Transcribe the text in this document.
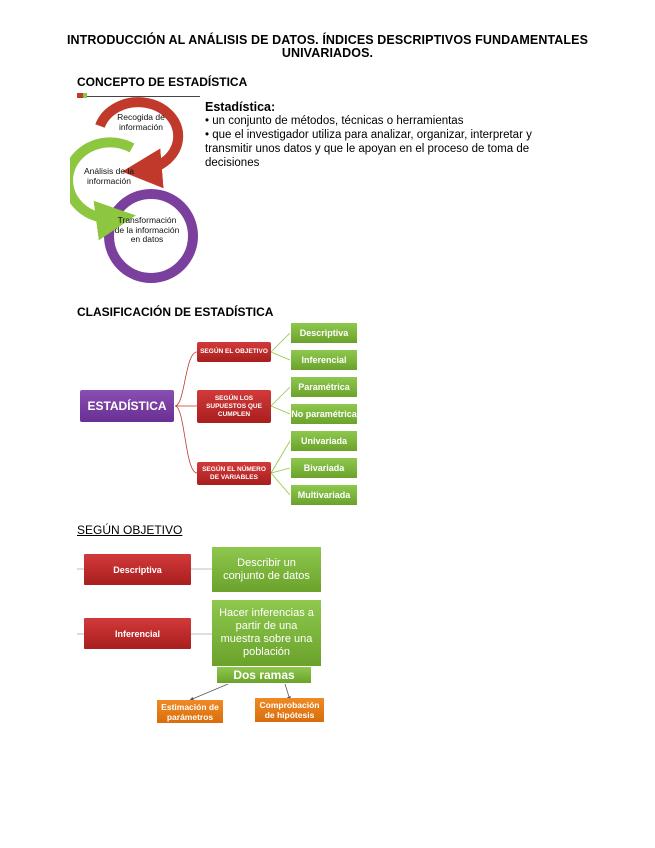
INTRODUCCIÓN AL ANÁLISIS DE DATOS. ÍNDICES DESCRIPTIVOS FUNDAMENTALES UNIVARIADOS.
CONCEPTO DE ESTADÍSTICA
Recogida de información
Análisis de la información
Transformación de la información en datos
Estadística:
• un conjunto de métodos, técnicas o herramientas
• que el investigador utiliza para analizar, organizar, interpretar y transmitir unos datos y que le apoyan en el proceso de toma de decisiones
CLASIFICACIÓN DE ESTADÍSTICA
ESTADÍSTICA
SEGÚN EL OBJETIVO
SEGÚN LOS SUPUESTOS QUE CUMPLEN
SEGÚN EL NÚMERO DE VARIABLES
Descriptiva
Inferencial
Paramétrica
No paramétrica
Univariada
Bivariada
Multivariada
SEGÚN OBJETIVO
Descriptiva
Describir un conjunto de datos
Inferencial
Hacer inferencias a partir de una muestra sobre una población
Dos ramas
Estimación de parámetros
Comprobación de hipótesis
